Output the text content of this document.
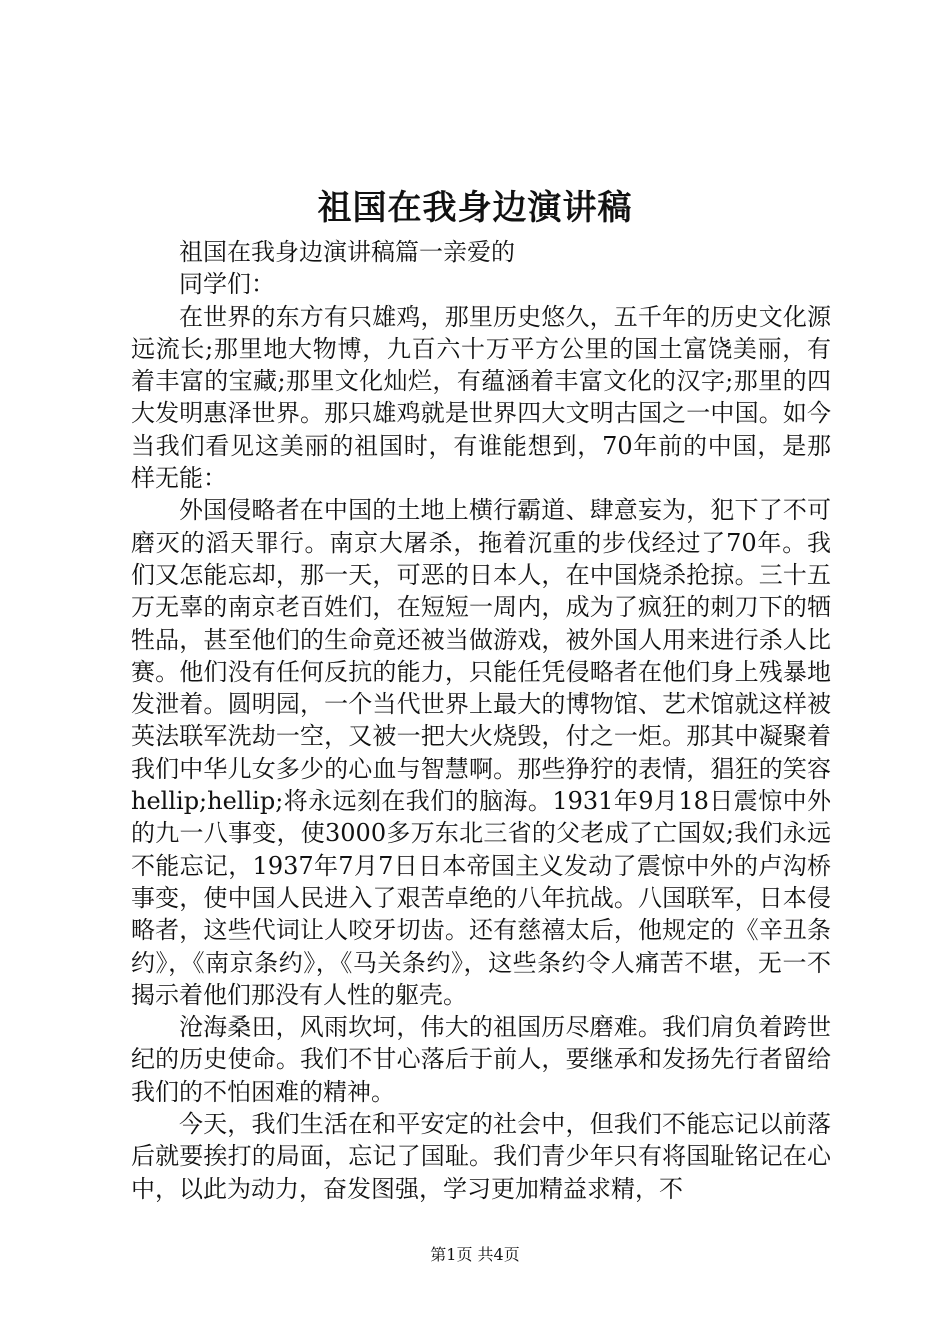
祖国在我身边演讲稿

祖国在我身边演讲稿篇一亲爱的

同学们：

在世界的东方有只雄鸡，那里历史悠久，五千年的历史文化源远流长;那里地大物博，九百六十万平方公里的国土富饶美丽，有着丰富的宝藏;那里文化灿烂，有蕴涵着丰富文化的汉字;那里的四大发明惠泽世界。那只雄鸡就是世界四大文明古国之一中国。如今当我们看见这美丽的祖国时，有谁能想到，70年前的中国，是那样无能：

外国侵略者在中国的土地上横行霸道、肆意妄为，犯下了不可磨灭的滔天罪行。南京大屠杀，拖着沉重的步伐经过了70年。我们又怎能忘却，那一天，可恶的日本人，在中国烧杀抢掠。三十五万无辜的南京老百姓们，在短短一周内，成为了疯狂的刺刀下的牺牲品，甚至他们的生命竟还被当做游戏，被外国人用来进行杀人比赛。他们没有任何反抗的能力，只能任凭侵略者在他们身上残暴地发泄着。圆明园，一个当代世界上最大的博物馆、艺术馆就这样被英法联军洗劫一空，又被一把大火烧毁，付之一炬。那其中凝聚着我们中华儿女多少的心血与智慧啊。那些狰狞的表情，猖狂的笑容hellip;hellip;将永远刻在我们的脑海。1931年9月18日震惊中外的九一八事变，使3000多万东北三省的父老成了亡国奴;我们永远不能忘记，1937年7月7日日本帝国主义发动了震惊中外的卢沟桥事变，使中国人民进入了艰苦卓绝的八年抗战。八国联军，日本侵略者，这些代词让人咬牙切齿。还有慈禧太后，他规定的《辛丑条约》，《南京条约》，《马关条约》，这些条约令人痛苦不堪，无一不揭示着他们那没有人性的躯壳。

沧海桑田，风雨坎坷，伟大的祖国历尽磨难。我们肩负着跨世纪的历史使命。我们不甘心落后于前人，要继承和发扬先行者留给我们的不怕困难的精神。

今天，我们生活在和平安定的社会中，但我们不能忘记以前落后就要挨打的局面，忘记了国耻。我们青少年只有将国耻铭记在心中，以此为动力，奋发图强，学习更加精益求精，不

第1页 共4页
